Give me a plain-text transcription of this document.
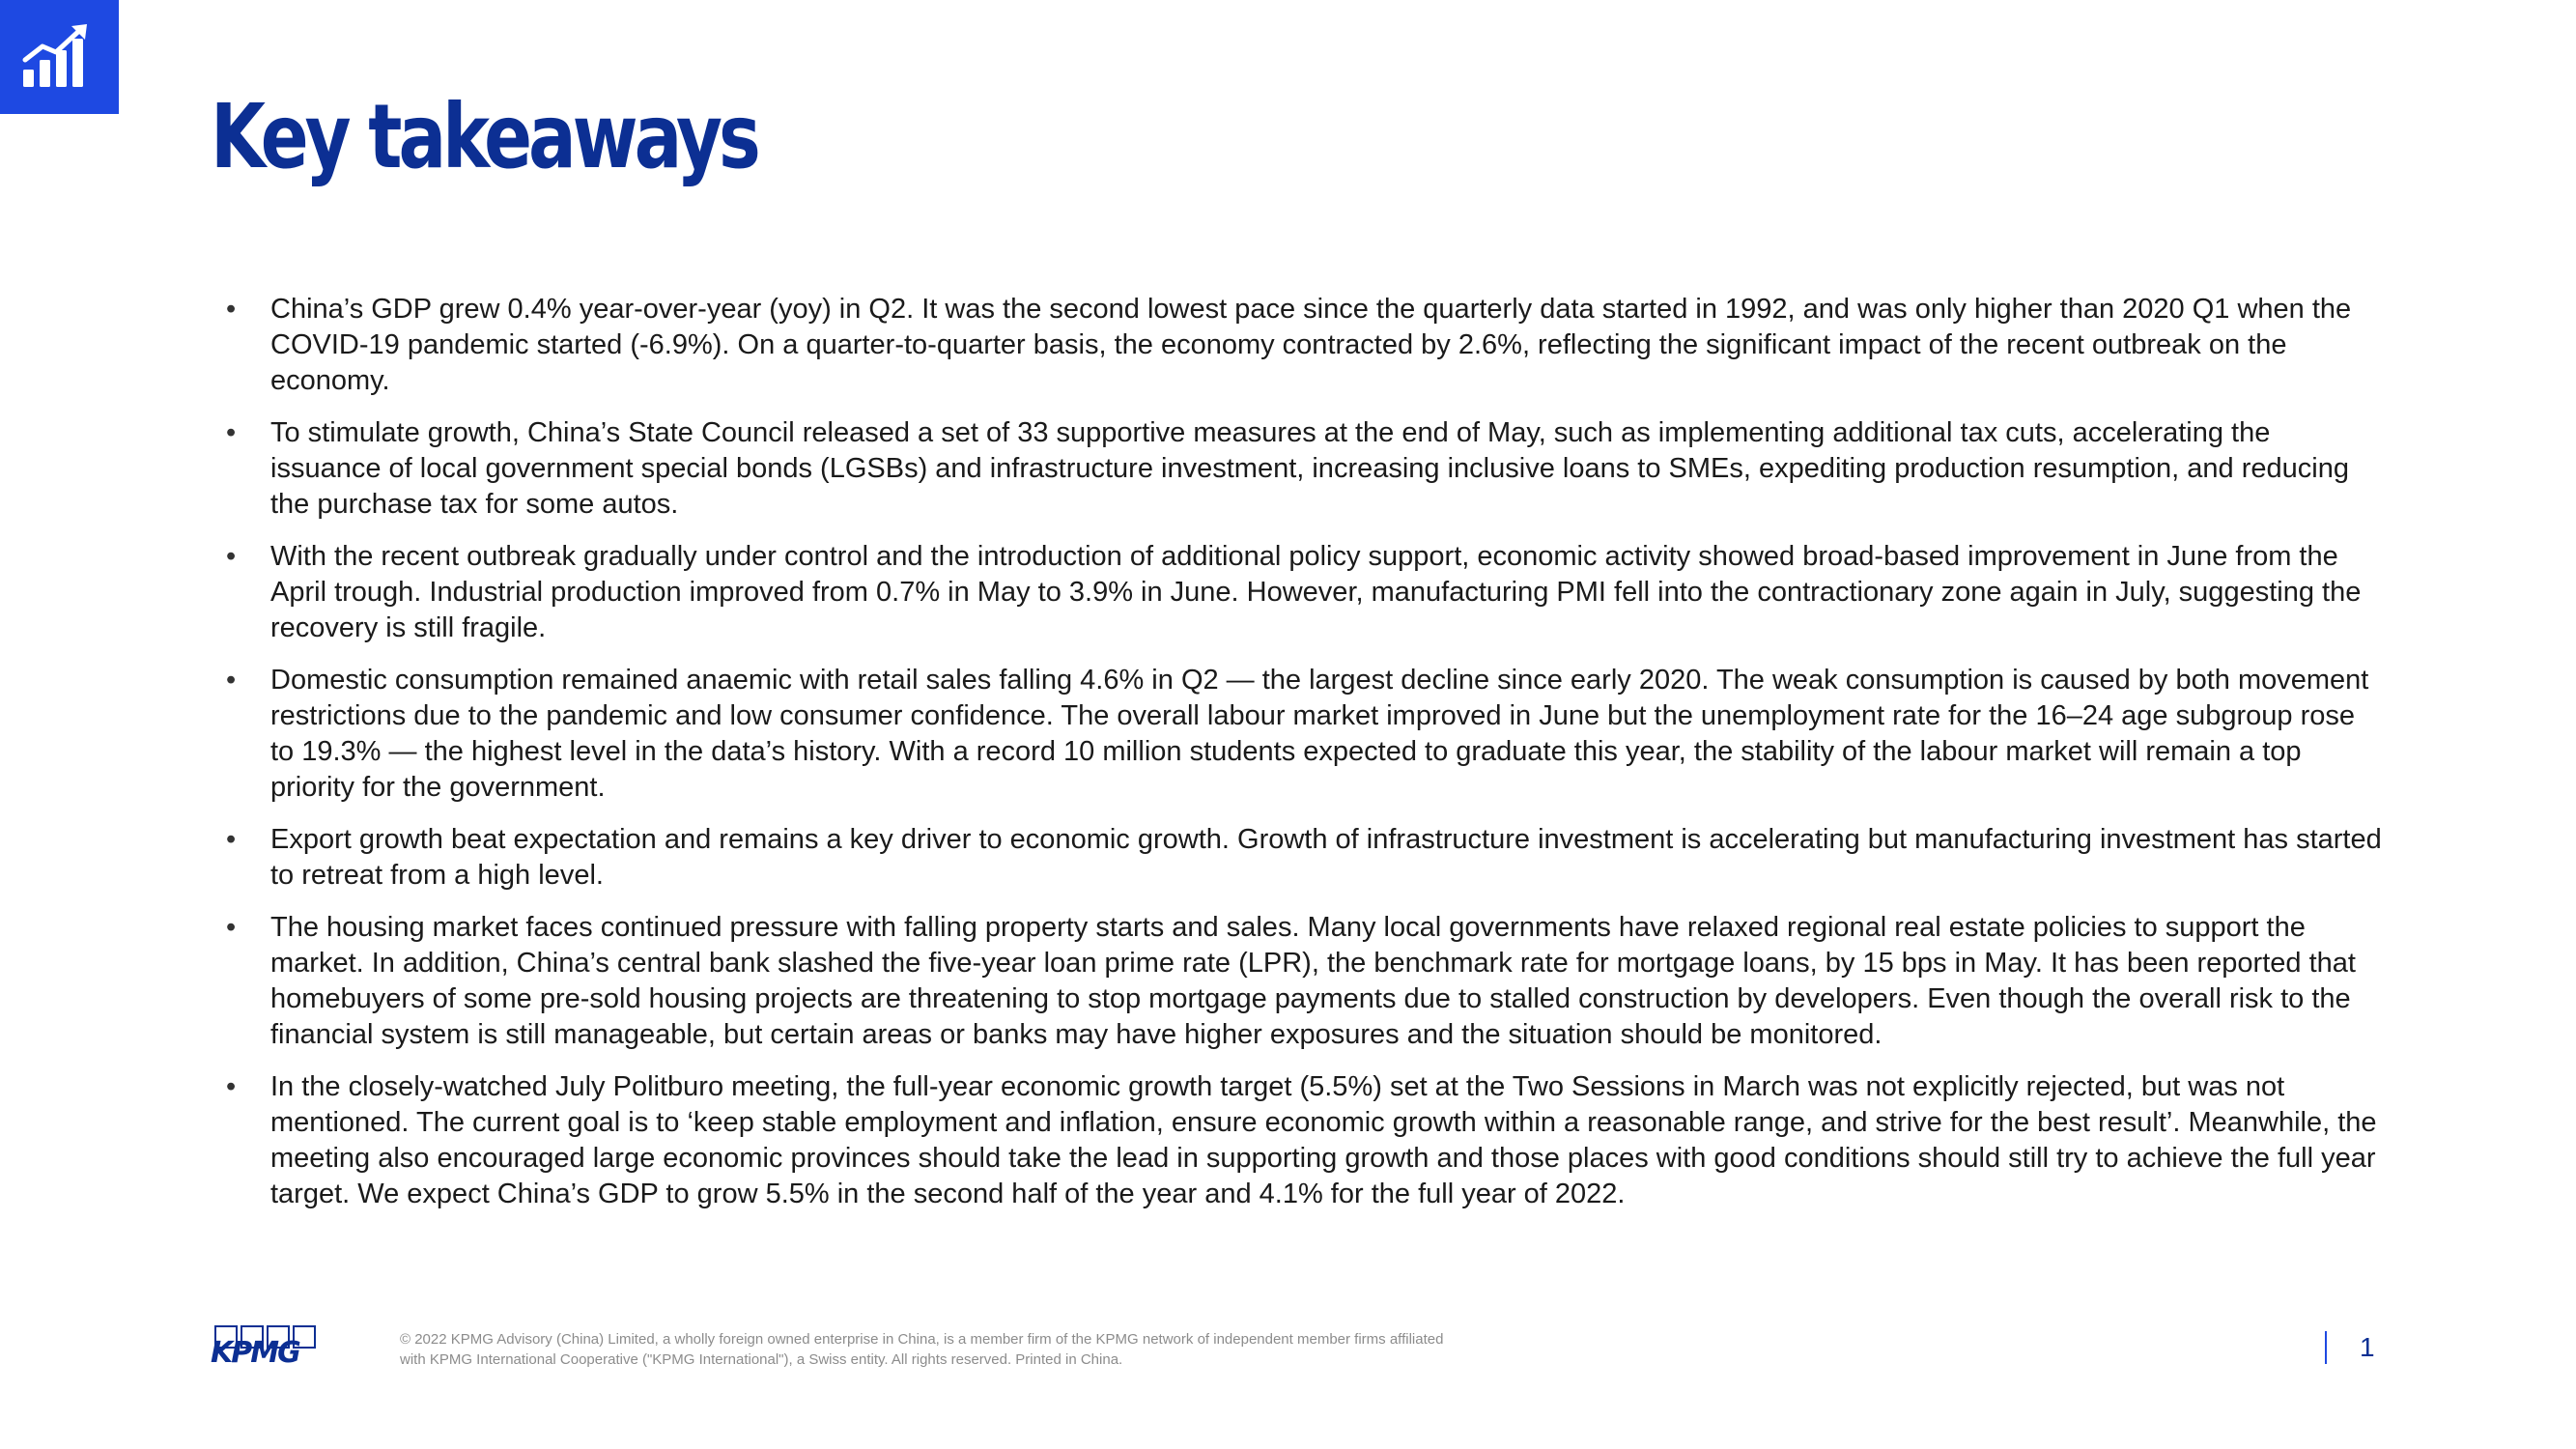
Key takeaways
• China’s GDP grew 0.4% year-over-year (yoy) in Q2. It was the second lowest pace since the quarterly data started in 1992, and was only higher than 2020 Q1 when the COVID-19 pandemic started (-6.9%). On a quarter-to-quarter basis, the economy contracted by 2.6%, reflecting the significant impact of the recent outbreak on the economy.
• To stimulate growth, China’s State Council released a set of 33 supportive measures at the end of May, such as implementing additional tax cuts, accelerating the issuance of local government special bonds (LGSBs) and infrastructure investment, increasing inclusive loans to SMEs, expediting production resumption, and reducing the purchase tax for some autos.
• With the recent outbreak gradually under control and the introduction of additional policy support, economic activity showed broad-based improvement in June from the April trough. Industrial production improved from 0.7% in May to 3.9% in June. However, manufacturing PMI fell into the contractionary zone again in July, suggesting the recovery is still fragile.
• Domestic consumption remained anaemic with retail sales falling 4.6% in Q2 — the largest decline since early 2020. The weak consumption is caused by both movement restrictions due to the pandemic and low consumer confidence. The overall labour market improved in June but the unemployment rate for the 16–24 age subgroup rose to 19.3% — the highest level in the data’s history. With a record 10 million students expected to graduate this year, the stability of the labour market will remain a top priority for the government.
• Export growth beat expectation and remains a key driver to economic growth. Growth of infrastructure investment is accelerating but manufacturing investment has started to retreat from a high level.
• The housing market faces continued pressure with falling property starts and sales. Many local governments have relaxed regional real estate policies to support the market. In addition, China’s central bank slashed the five-year loan prime rate (LPR), the benchmark rate for mortgage loans, by 15 bps in May. It has been reported that homebuyers of some pre-sold housing projects are threatening to stop mortgage payments due to stalled construction by developers. Even though the overall risk to the financial system is still manageable, but certain areas or banks may have higher exposures and the situation should be monitored.
• In the closely-watched July Politburo meeting, the full-year economic growth target (5.5%) set at the Two Sessions in March was not explicitly rejected, but was not mentioned. The current goal is to ‘keep stable employment and inflation, ensure economic growth within a reasonable range, and strive for the best result’. Meanwhile, the meeting also encouraged large economic provinces should take the lead in supporting growth and those places with good conditions should still try to achieve the full year target. We expect China’s GDP to grow 5.5% in the second half of the year and 4.1% for the full year of 2022.
KPMG	© 2022 KPMG Advisory (China) Limited, a wholly foreign owned enterprise in China, is a member firm of the KPMG network of independent member firms affiliated with KPMG International Cooperative ("KPMG International"), a Swiss entity. All rights reserved. Printed in China.	1
